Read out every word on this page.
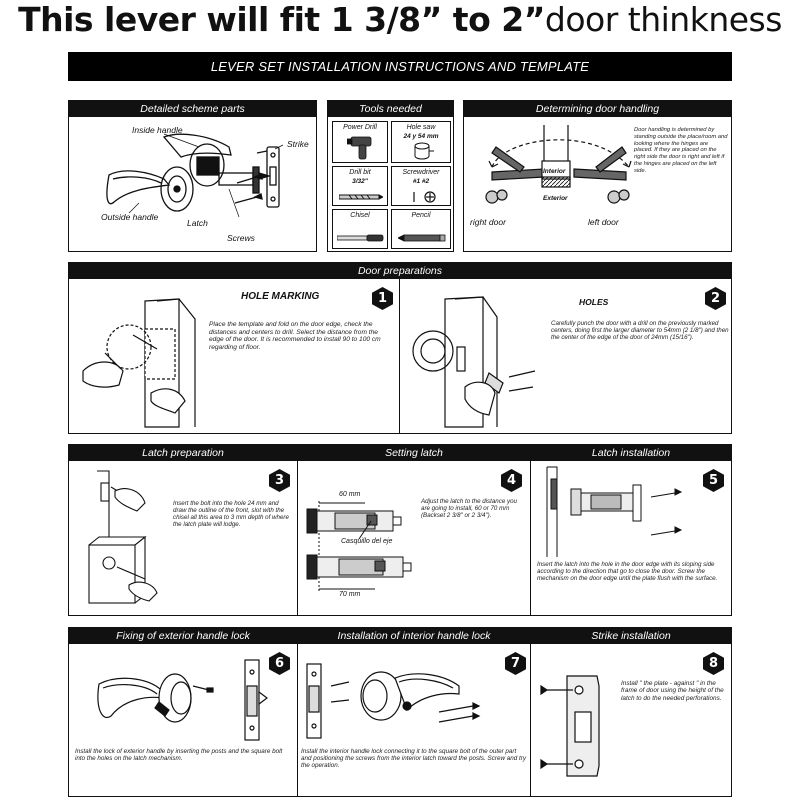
This lever will fit 1 3/8” to 2”door thinkness
LEVER SET INSTALLATION INSTRUCTIONS AND TEMPLATE
Detailed scheme parts
Inside handle
Strike
Outside handle
Latch
Screws
Tools needed
Power Drill	Hole saw
24 y 54 mm
Drill bit
3/32"
Screwdriver
#1 #2
Chisel	Pencil
Determining door handling
Interior
Exterior
right door	left door
Door handling is determined by standing outside the place/room and looking where the hinges are placed. If they are placed on the right side the door is right and left if the hinges are placed on the left side.
Door preparations
HOLE MARKING	1
Place the template and fold on the door edge, check the distances and centers to drill. Select the distance from the edge of the door. It is recommended to install 90 to 100 cm regarding of floor.
HOLES	2
Carefully punch the door with a drill on the previously marked centers, doing first the larger diameter to 54mm (2 1/8") and then the center of the edge of the door of 24mm (15/16").
Latch preparation	Setting latch	Latch installation
3
Insert the bolt into the hole 24 mm and draw the outline of the front, slot with the chisel all this area to 3 mm depth of where the latch plate will lodge.
4
Adjust the latch to the distance you are going to install, 60 or 70 mm (Backset 2 3/8" or 2 3/4").
60 mm
70 mm
Casquillo del eje
5
Insert the latch into the hole in the door edge with its sloping side according to the direction that go to close the door. Screw the mechanism on the door edge until the plate flush with the surface.
Fixing of exterior handle lock	Installation of interior handle lock	Strike installation
6
Install the lock of exterior handle by inserting the posts and the square bolt into the holes on the latch mechanism.
7
Install the interior handle lock connecting it to the square bolt of the outer part and positioning the screws from the interior latch toward the posts. Screw and try the operation.
8
Install " the plate - against " in the frame of door using the height of the latch to do the needed perforations.
